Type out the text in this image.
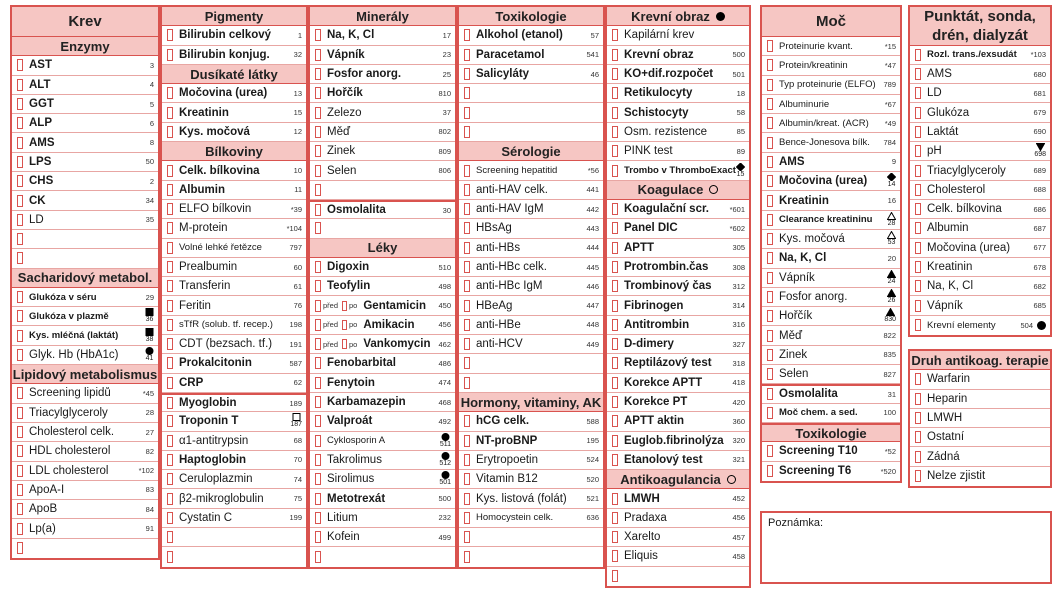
Krev
Enzymy
AST	3
ALT	4
GGT	5
ALP	6
AMS	8
LPS	50
CHS	2
CK	34
LD	35
Sacharidový metabol.
Glukóza v séru	29
Glukóza v plazmě	36
Kys. mléčná (laktát)	38
Glyk. Hb (HbA1c)	41
Lipidový metabolismus
Screening lipidů	*45
Triacylglyceroly	28
Cholesterol celk.	27
HDL cholesterol	82
LDL cholesterol	*102
ApoA-I	83
ApoB	84
Lp(a)	91
Pigmenty
Bilirubin celkový	1
Bilirubin konjug.	32
Dusíkaté látky
Močovina (urea)	13
Kreatinin	15
Kys. močová	12
Bílkoviny
Celk. bílkovina	10
Albumin	11
ELFO bílkovin	*39
M-protein	*104
Volné lehké řetězce	797
Prealbumin	60
Transferin	61
Feritin	76
sTfR (solub. tf. recep.)	198
CDT (bezsach. tf.)	191
Prokalcitonin	587
CRP	62
Myoglobin	189
Troponin T	187
α1-antitrypsin	68
Haptoglobin	70
Ceruloplazmin	74
β2-mikroglobulin	75
Cystatin C	199
Minerály
Na, K, Cl	17
Vápník	23
Fosfor anorg.	25
Hořčík	810
Železo	37
Měď	802
Zinek	809
Selen	806
Osmolalita	30
Léky
Digoxin	510
Teofylin	498
před po Gentamicin	450
před po Amikacin	456
před po Vankomycin	462
Fenobarbital	486
Fenytoin	474
Karbamazepin	468
Valproát	492
Cyklosporin A	511
Takrolimus	512
Sirolimus	501
Metotrexát	500
Litium	232
Kofein	499
Toxikologie
Alkohol (etanol)	57
Paracetamol	541
Salicyláty	46
Sérologie
Screening hepatitid	*56
anti-HAV celk.	441
anti-HAV IgM	442
HBsAg	443
anti-HBs	444
anti-HBc celk.	445
anti-HBc IgM	446
HBeAg	447
anti-HBe	448
anti-HCV	449
Hormony, vitaminy, AK
hCG celk.	588
NT-proBNP	195
Erytropoetin	524
Vitamin B12	520
Kys. listová (folát)	521
Homocystein celk.	636
Krevní obraz
Kapilární krev
Krevní obraz	500
KO+dif.rozpočet	501
Retikulocyty	18
Schistocyty	58
Osm. rezistence	85
PINK test	89
Trombo v ThromboExact 15
Koagulace
Koagulační scr.	*601
Panel DIC	*602
APTT	305
Protrombin.čas	308
Trombinový čas	312
Fibrinogen	314
Antitrombin	316
D-dimery	327
Reptilázový test	318
Korekce APTT	418
Korekce PT	420
APTT aktin	360
Euglob.fibrinolýza	320
Etanolový test	321
Antikoagulancia
LMWH	452
Pradaxa	456
Xarelto	457
Eliquis	458
Moč
Proteinurie kvant.	*15
Protein/kreatinin	*47
Typ proteinurie (ELFO)	789
Albuminurie	*67
Albumin/kreat. (ACR)	*49
Bence-Jonesova bílk.	784
AMS	9
Močovina (urea)	14
Kreatinin	16
Clearance kreatininu	28
Kys. močová	53
Na, K, Cl	20
Vápník	24
Fosfor anorg.	26
Hořčík	830
Měď	822
Zinek	835
Selen	827
Osmolalita	31
Moč chem. a sed.	100
Toxikologie
Screening T10	*52
Screening T6	*520
Punktát, sonda,
drén, dialyzát
Rozl. trans./exsudát	*103
AMS	680
LD	681
Glukóza	679
Laktát	690
pH	698
Triacylglyceroly	689
Cholesterol	688
Celk. bílkovina	686
Albumin	687
Močovina (urea)	677
Kreatinin	678
Na, K, Cl	682
Vápník	685
Krevní elementy	504
Druh antikoag. terapie
Warfarin
Heparin
LMWH
Ostatní
Žádná
Nelze zjistit
Poznámka:
